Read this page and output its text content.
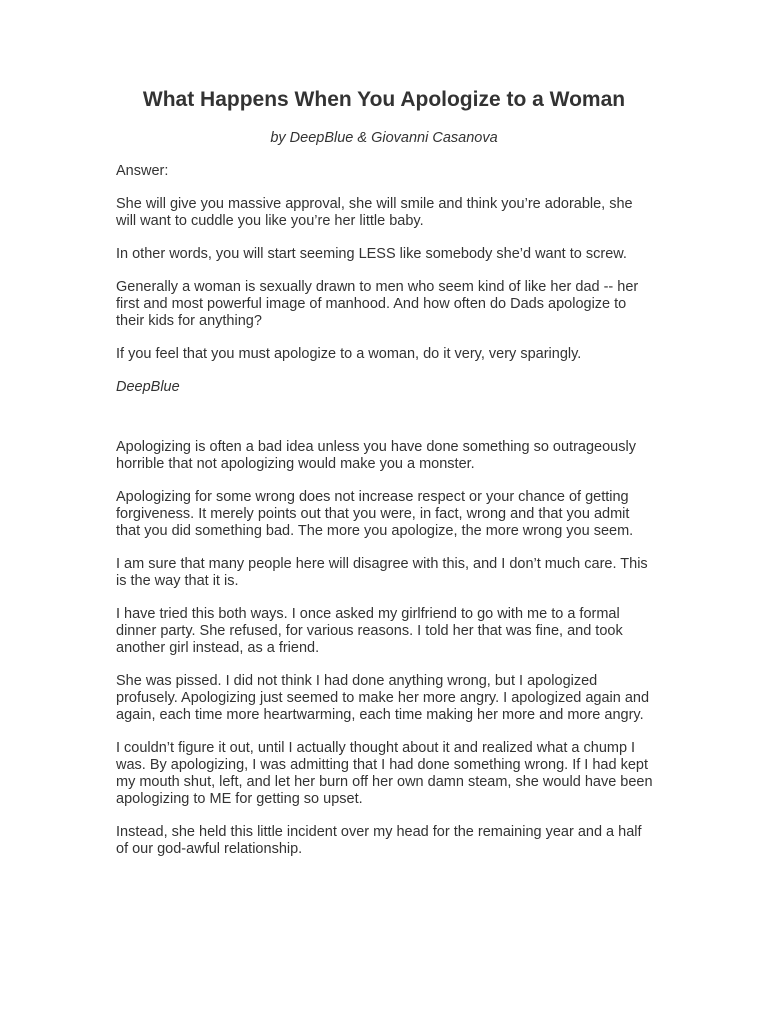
What Happens When You Apologize to a Woman
by DeepBlue & Giovanni Casanova

Answer:

She will give you massive approval, she will smile and think you’re adorable, she will want to cuddle you like you’re her little baby.

In other words, you will start seeming LESS like somebody she’d want to screw.

Generally a woman is sexually drawn to men who seem kind of like her dad -- her first and most powerful image of manhood. And how often do Dads apologize to their kids for anything?

If you feel that you must apologize to a woman, do it very, very sparingly.

DeepBlue

Apologizing is often a bad idea unless you have done something so outrageously horrible that not apologizing would make you a monster.

Apologizing for some wrong does not increase respect or your chance of getting forgiveness. It merely points out that you were, in fact, wrong and that you admit that you did something bad. The more you apologize, the more wrong you seem.

I am sure that many people here will disagree with this, and I don’t much care. This is the way that it is.

I have tried this both ways. I once asked my girlfriend to go with me to a formal dinner party. She refused, for various reasons. I told her that was fine, and took another girl instead, as a friend.

She was pissed. I did not think I had done anything wrong, but I apologized profusely. Apologizing just seemed to make her more angry. I apologized again and again, each time more heartwarming, each time making her more and more angry.

I couldn’t figure it out, until I actually thought about it and realized what a chump I was. By apologizing, I was admitting that I had done something wrong. If I had kept my mouth shut, left, and let her burn off her own damn steam, she would have been apologizing to ME for getting so upset.

Instead, she held this little incident over my head for the remaining year and a half of our god-awful relationship.
